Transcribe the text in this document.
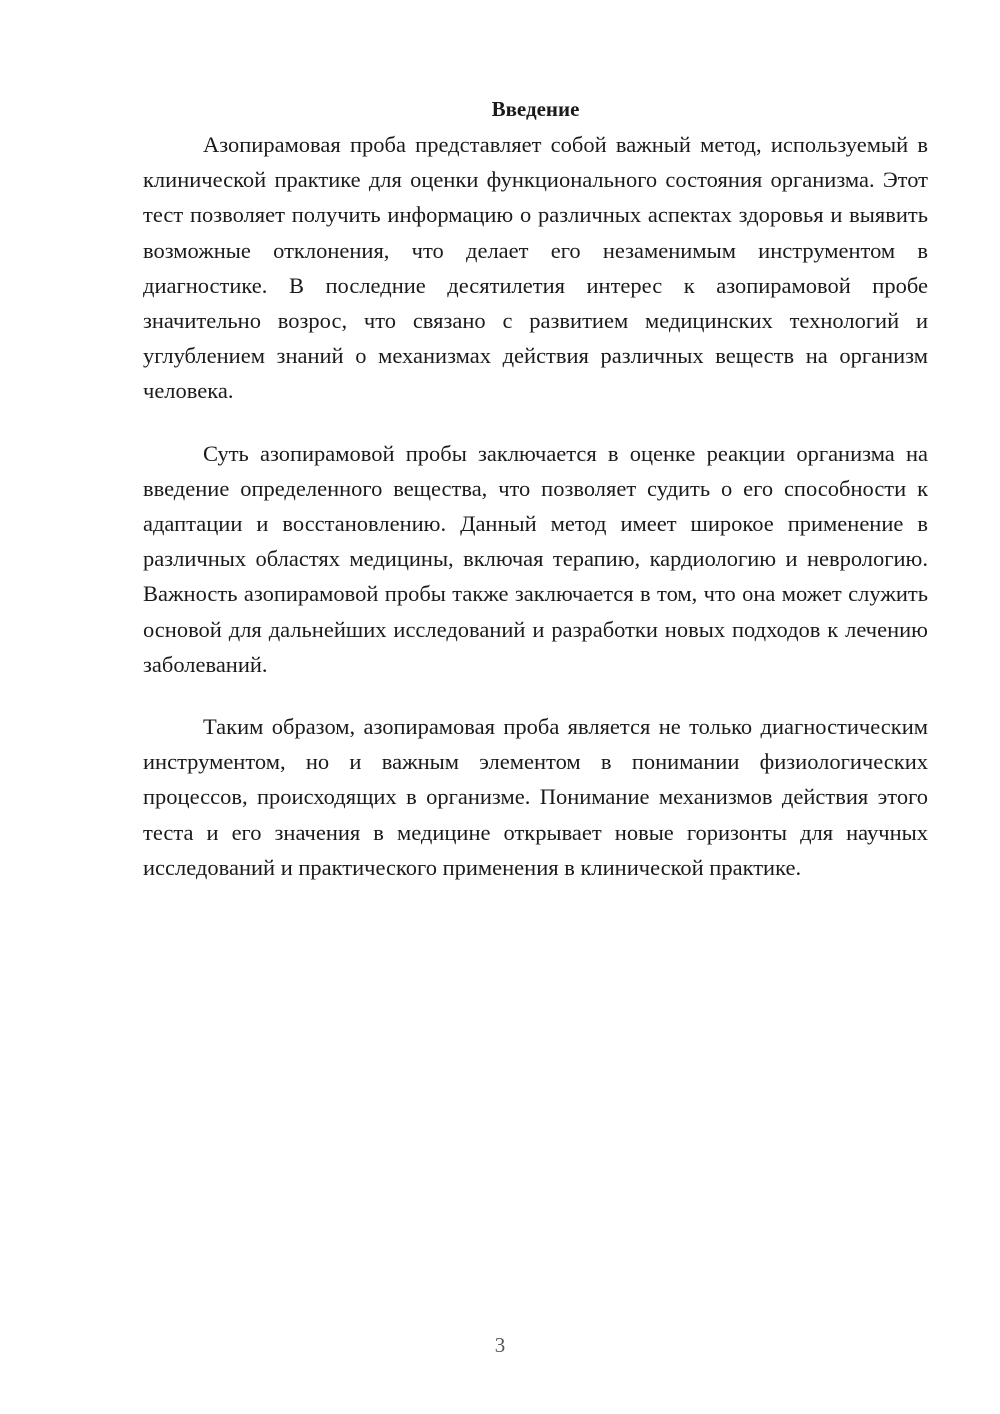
Введение

Азопирамовая проба представляет собой важный метод, используемый в клинической практике для оценки функционального состояния организма. Этот тест позволяет получить информацию о различных аспектах здоровья и выявить возможные отклонения, что делает его незаменимым инструментом в диагностике. В последние десятилетия интерес к азопирамовой пробе значительно возрос, что связано с развитием медицинских технологий и углублением знаний о механизмах действия различных веществ на организм человека.

Суть азопирамовой пробы заключается в оценке реакции организма на введение определенного вещества, что позволяет судить о его способности к адаптации и восстановлению. Данный метод имеет широкое применение в различных областях медицины, включая терапию, кардиологию и неврологию. Важность азопирамовой пробы также заключается в том, что она может служить основой для дальнейших исследований и разработки новых подходов к лечению заболеваний.

Таким образом, азопирамовая проба является не только диагностическим инструментом, но и важным элементом в понимании физиологических процессов, происходящих в организме. Понимание механизмов действия этого теста и его значения в медицине открывает новые горизонты для научных исследований и практического применения в клинической практике.

3
